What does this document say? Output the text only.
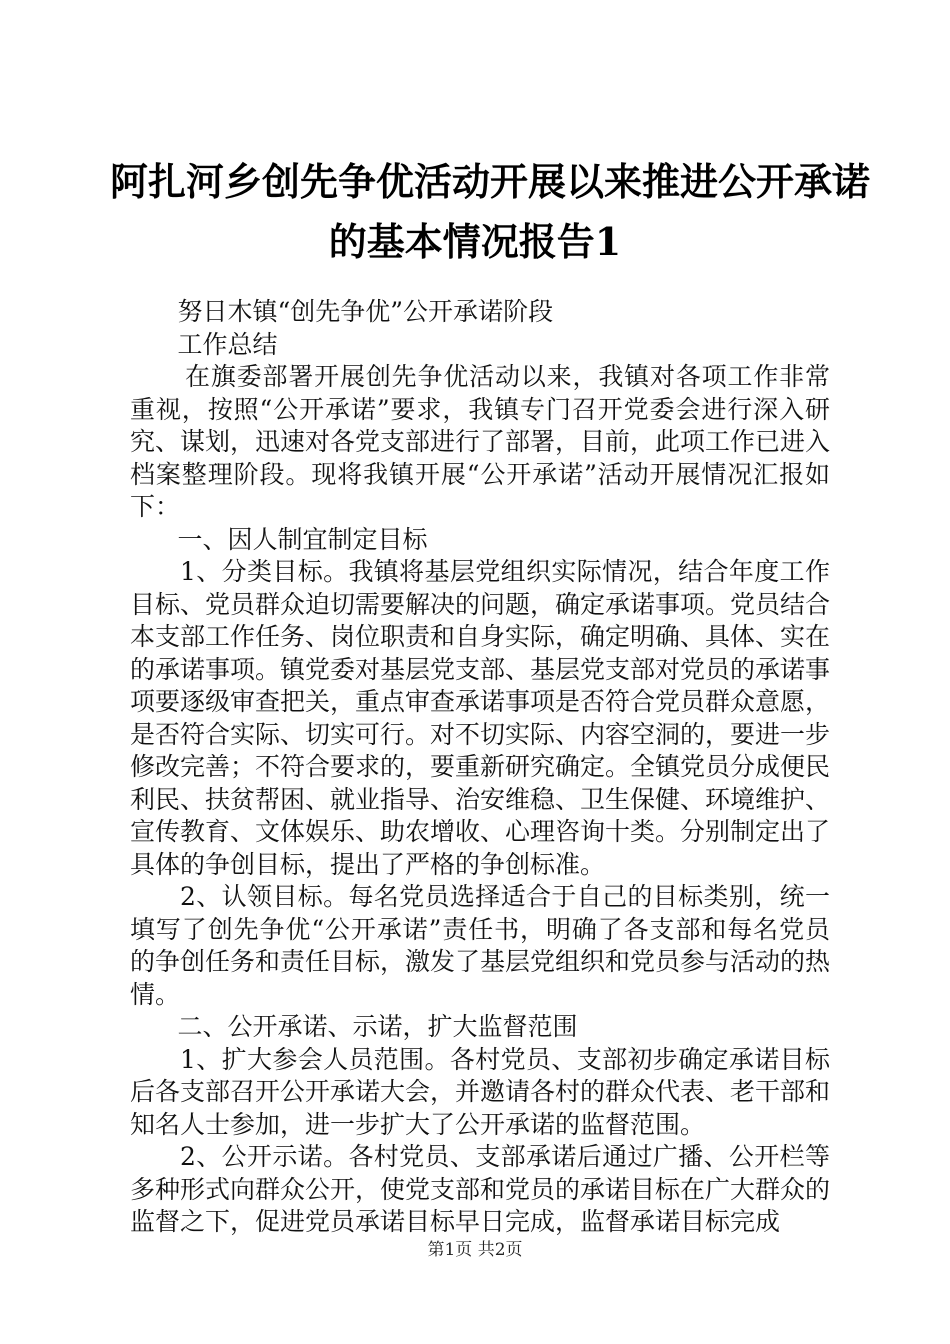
阿扎河乡创先争优活动开展以来推进公开承诺
的基本情况报告1

努日木镇“创先争优”公开承诺阶段

工作总结

在旗委部署开展创先争优活动以来，我镇对各项工作非常重视，按照“公开承诺”要求，我镇专门召开党委会进行深入研究、谋划，迅速对各党支部进行了部署，目前，此项工作已进入档案整理阶段。现将我镇开展“公开承诺”活动开展情况汇报如下：

一、因人制宜制定目标

1、分类目标。我镇将基层党组织实际情况，结合年度工作目标、党员群众迫切需要解决的问题，确定承诺事项。党员结合本支部工作任务、岗位职责和自身实际，确定明确、具体、实在的承诺事项。镇党委对基层党支部、基层党支部对党员的承诺事项要逐级审查把关，重点审查承诺事项是否符合党员群众意愿，是否符合实际、切实可行。对不切实际、内容空洞的，要进一步修改完善；不符合要求的，要重新研究确定。全镇党员分成便民利民、扶贫帮困、就业指导、治安维稳、卫生保健、环境维护、宣传教育、文体娱乐、助农增收、心理咨询十类。分别制定出了具体的争创目标，提出了严格的争创标准。

2、认领目标。每名党员选择适合于自己的目标类别，统一填写了创先争优“公开承诺”责任书，明确了各支部和每名党员的争创任务和责任目标，激发了基层党组织和党员参与活动的热情。

二、公开承诺、示诺，扩大监督范围

1、扩大参会人员范围。各村党员、支部初步确定承诺目标后各支部召开公开承诺大会，并邀请各村的群众代表、老干部和知名人士参加，进一步扩大了公开承诺的监督范围。

2、公开示诺。各村党员、支部承诺后通过广播、公开栏等多种形式向群众公开，使党支部和党员的承诺目标在广大群众的监督之下，促进党员承诺目标早日完成，监督承诺目标完成

第1页 共2页
